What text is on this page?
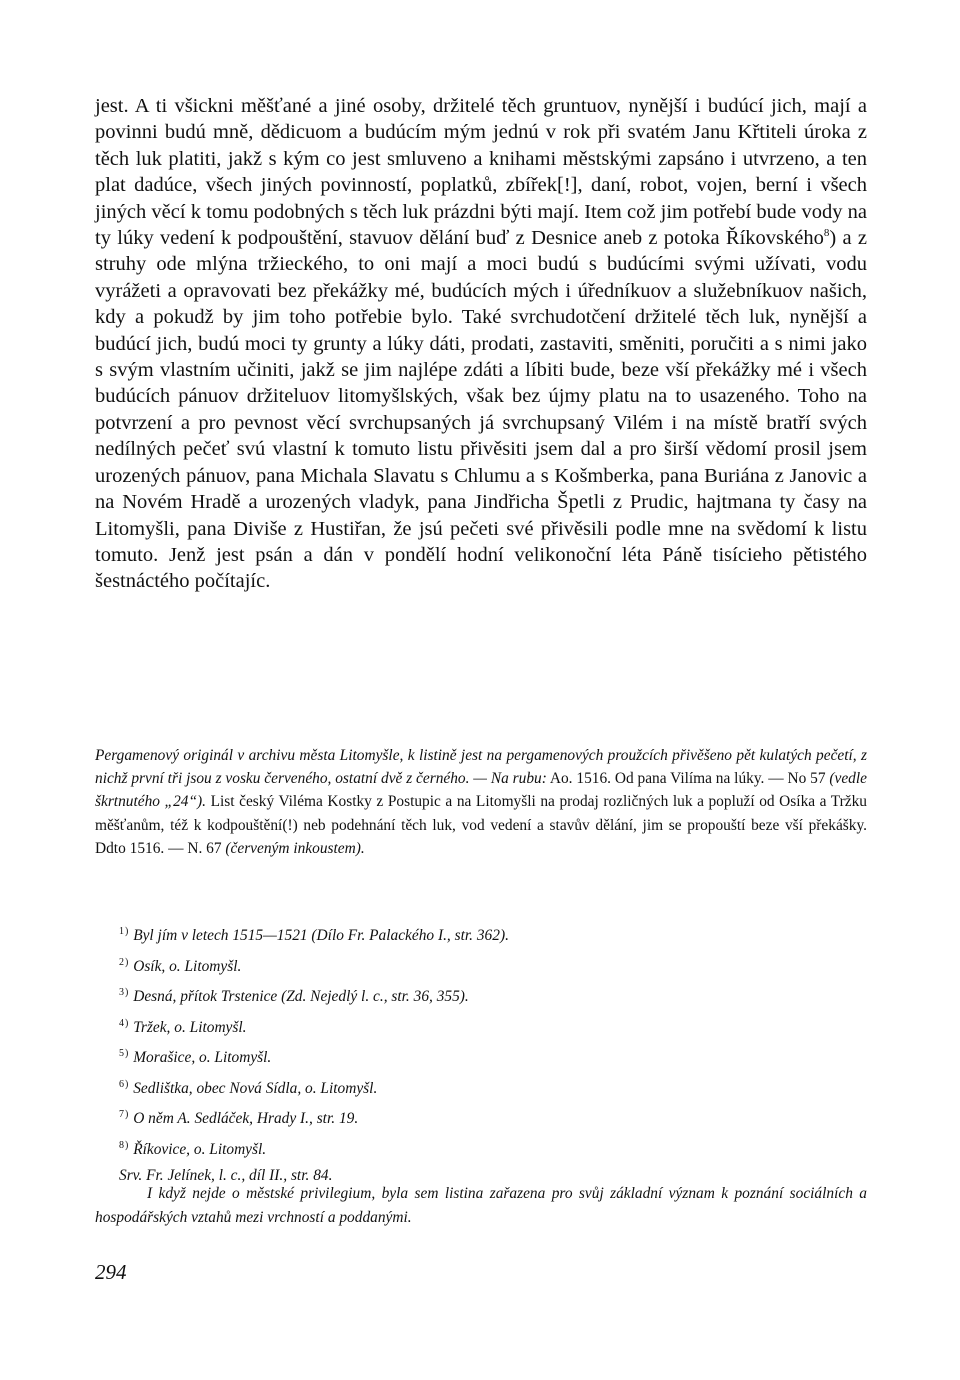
jest. A ti všickni měšťané a jiné osoby, držitelé těch gruntuov, nynější i budúcí jich, mají a povinni budú mně, dědicuom a budúcím mým jednú v rok při svatém Janu Křtiteli úroka z těch luk platiti, jakž s kým co jest smluveno a knihami městskými zapsáno i utvrzeno, a ten plat dadúce, všech jiných povinností, poplatků, zbířek[!], daní, robot, vojen, berní i všech jiných věcí k tomu podobných s těch luk prázdni býti mají. Item což jim potřebí bude vody na ty lúky vedení k podpouštění, stavuov dělání buď z Desnice aneb z potoka Říkovského$^8$) a z struhy ode mlýna tržieckého, to oni mají a moci budú s budúcími svými užívati, vodu vyrážeti a opravovati bez překážky mé, budúcích mých i úředníkuov a služebníkuov našich, kdy a pokudž by jim toho potřebie bylo. Také svrchudotčení držitelé těch luk, nynější a budúcí jich, budú moci ty grunty a lúky dáti, prodati, zastaviti, směniti, poručiti a s nimi jako s svým vlastním učiniti, jakž se jim najlépe zdáti a líbiti bude, beze vší překážky mé i všech budúcích pánuov držiteluov litomyšlských, však bez újmy platu na to usazeného. Toho na potvrzení a pro pevnost věcí svrchupsaných já svrchupsaný Vilém i na místě bratří svých nedílných pečeť svú vlastní k tomuto listu přivěsiti jsem dal a pro širší vědomí prosil jsem urozených pánuov, pana Michala Slavatu s Chlumu a s Košmberka, pana Buriána z Janovic a na Novém Hradě a urozených vladyk, pana Jindřicha Špetli z Prudic, hajtmana ty časy na Litomyšli, pana Diviše z Hustiřan, že jsú pečeti své přivěsili podle mne na svědomí k listu tomuto. Jenž jest psán a dán v pondělí hodní velikonoční léta Páně tisícieho pětistého šestnáctého počítajíc.

Pergamenový originál v archivu města Litomyšle, k listině jest na pergamenových proužcích přivěšeno pět kulatých pečetí, z nichž první tři jsou z vosku červeného, ostatní dvě z černého. — Na rubu: Ao. 1516. Od pana Vilíma na lúky. — No 57 (vedle škrtnutého „24“). List český Viléma Kostky z Postupic a na Litomyšli na prodaj rozličných luk a popluží od Osíka a Tržku měšťanům, též k kodpouštění(!) neb podehnání těch luk, vod vedení a stavův dělání, jim se propouští beze vší překášky. Ddto 1516. — N. 67 (červeným inkoustem).

$^{1)}$ Byl jím v letech 1515—1521 (Dílo Fr. Palackého I., str. 362).
$^{2)}$ Osík, o. Litomyšl.
$^{3)}$ Desná, přítok Trstenice (Zd. Nejedlý l. c., str. 36, 355).
$^{4)}$ Tržek, o. Litomyšl.
$^{5)}$ Morašice, o. Litomyšl.
$^{6)}$ Sedlištka, obec Nová Sídla, o. Litomyšl.
$^{7)}$ O něm A. Sedláček, Hrady I., str. 19.
$^{8)}$ Říkovice, o. Litomyšl.
Srv. Fr. Jelínek, l. c., díl II., str. 84.

I když nejde o městské privilegium, byla sem listina zařazena pro svůj základní význam k poznání sociálních a hospodářských vztahů mezi vrchností a poddanými.

294
